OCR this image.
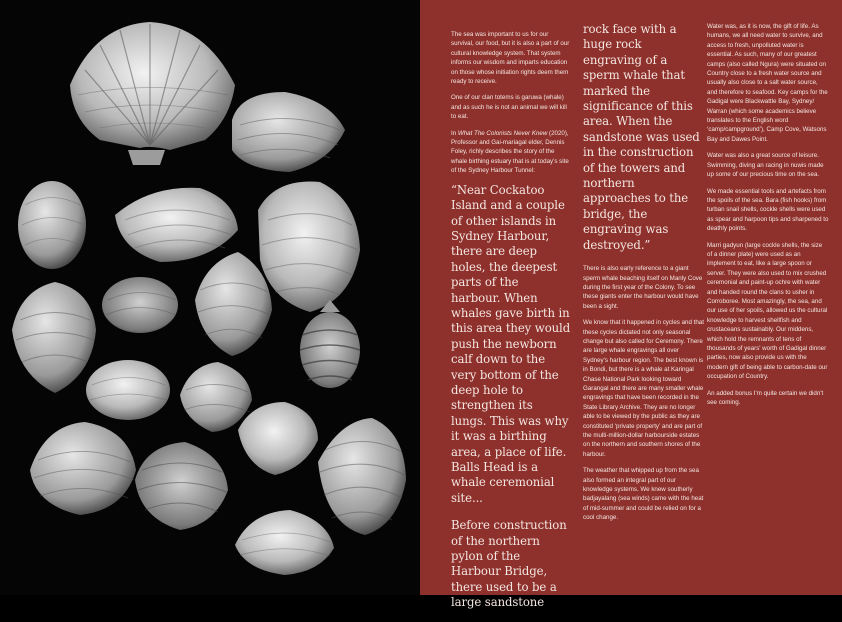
The sea was important to us for our survival, our food, but it is also a part of our cultural knowledge system. That system informs our wisdom and imparts education on those whose initiation rights deem them ready to receive.

One of our clan totems is garuwa (whale) and as such he is not an animal we will kill to eat.

In What The Colonists Never Knew (2020), Professor and Gai-mariagal elder, Dennis Foley, richly describes the story of the whale birthing estuary that is at today's site of the Sydney Harbour Tunnel:

“Near Cockatoo Island and a couple of other islands in Sydney Harbour, there are deep holes, the deepest parts of the harbour. When whales gave birth in this area they would push the newborn calf down to the very bottom of the deep hole to strengthen its lungs. This was why it was a birthing area, a place of life. Balls Head is a whale ceremonial site...

Before construction of the northern pylon of the Harbour Bridge, there used to be a large sandstone

rock face with a huge rock engraving of a sperm whale that marked the significance of this area. When the sandstone was used in the construction of the towers and northern approaches to the bridge, the engraving was destroyed.”

There is also early reference to a giant sperm whale beaching itself on Manly Cove during the first year of the Colony. To see these giants enter the harbour would have been a sight.

We know that it happened in cycles and that these cycles dictated not only seasonal change but also called for Ceremony. There are large whale engravings all over Sydney's harbour region. The best known is in Bondi, but there is a whale at Karingal Chase National Park looking toward Garangal and there are many smaller whale engravings that have been recorded in the State Library Archive. They are no longer able to be viewed by the public as they are constituted ‘private property’ and are part of the multi-million-dollar harbourside estates on the northern and southern shores of the harbour.

The weather that whipped up from the sea also formed an integral part of our knowledge systems. We knew southerly badjayalang (sea winds) came with the heat of mid-summer and could be relied on for a cool change.

Water was, as it is now, the gift of life. As humans, we all need water to survive, and access to fresh, unpolluted water is essential. As such, many of our greatest camps (also called Ngura) were situated on Country close to a fresh water source and usually also close to a salt water source, and therefore to seafood. Key camps for the Gadigal were Blackwattle Bay, Sydney/ Warran (which some academics believe translates to the English word ‘camp/campground’), Camp Cove, Watsons Bay and Dawes Point.

Water was also a great source of leisure. Swimming, diving an racing in nuwis made up some of our precious time on the sea.

We made essential tools and artefacts from the spoils of the sea. Bara (fish hooks) from turban snail shells, cockle shells were used as spear and harpoon tips and sharpened to deathly points.

Marri gadyun (large cockle shells, the size of a dinner plate) were used as an implement to eat, like a large spoon or server. They were also used to mix crushed ceremonial and paint-up ochre with water and handed round the clans to usher in Corroboree. Most amazingly, the sea, and our use of her spoils, allowed us the cultural knowledge to harvest shellfish and crustaceans sustainably. Our middens, which hold the remnants of tens of thousands of years' worth of Gadigal dinner parties, now also provide us with the modern gift of being able to carbon-date our occupation of Country.

An added bonus I'm quite certain we didn't see coming.
